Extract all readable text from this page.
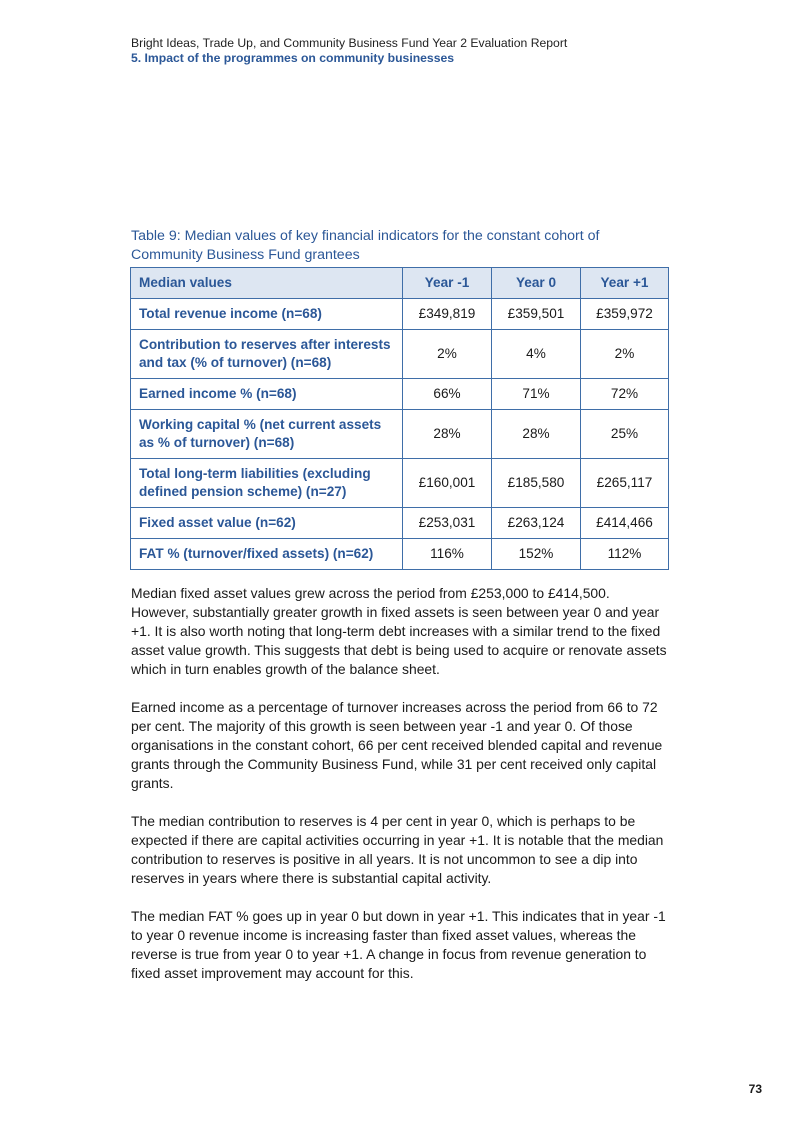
Bright Ideas, Trade Up, and Community Business Fund Year 2 Evaluation Report
5. Impact of the programmes on community businesses
Table 9: Median values of key financial indicators for the constant cohort of Community Business Fund grantees
Median values	Year -1	Year 0	Year +1
Total revenue income (n=68)	£349,819	£359,501	£359,972
Contribution to reserves after interests and tax (% of turnover) (n=68)	2%	4%	2%
Earned income % (n=68)	66%	71%	72%
Working capital % (net current assets as % of turnover) (n=68)	28%	28%	25%
Total long-term liabilities (excluding defined pension scheme) (n=27)	£160,001	£185,580	£265,117
Fixed asset value (n=62)	£253,031	£263,124	£414,466
FAT % (turnover/fixed assets) (n=62)	116%	152%	112%

Median fixed asset values grew across the period from £253,000 to £414,500. However, substantially greater growth in fixed assets is seen between year 0 and year +1. It is also worth noting that long-term debt increases with a similar trend to the fixed asset value growth. This suggests that debt is being used to acquire or renovate assets which in turn enables growth of the balance sheet.

Earned income as a percentage of turnover increases across the period from 66 to 72 per cent. The majority of this growth is seen between year -1 and year 0. Of those organisations in the constant cohort, 66 per cent received blended capital and revenue grants through the Community Business Fund, while 31 per cent received only capital grants.

The median contribution to reserves is 4 per cent in year 0, which is perhaps to be expected if there are capital activities occurring in year +1. It is notable that the median contribution to reserves is positive in all years. It is not uncommon to see a dip into reserves in years where there is substantial capital activity.

The median FAT % goes up in year 0 but down in year +1. This indicates that in year -1 to year 0 revenue income is increasing faster than fixed asset values, whereas the reverse is true from year 0 to year +1. A change in focus from revenue generation to fixed asset improvement may account for this.

73
